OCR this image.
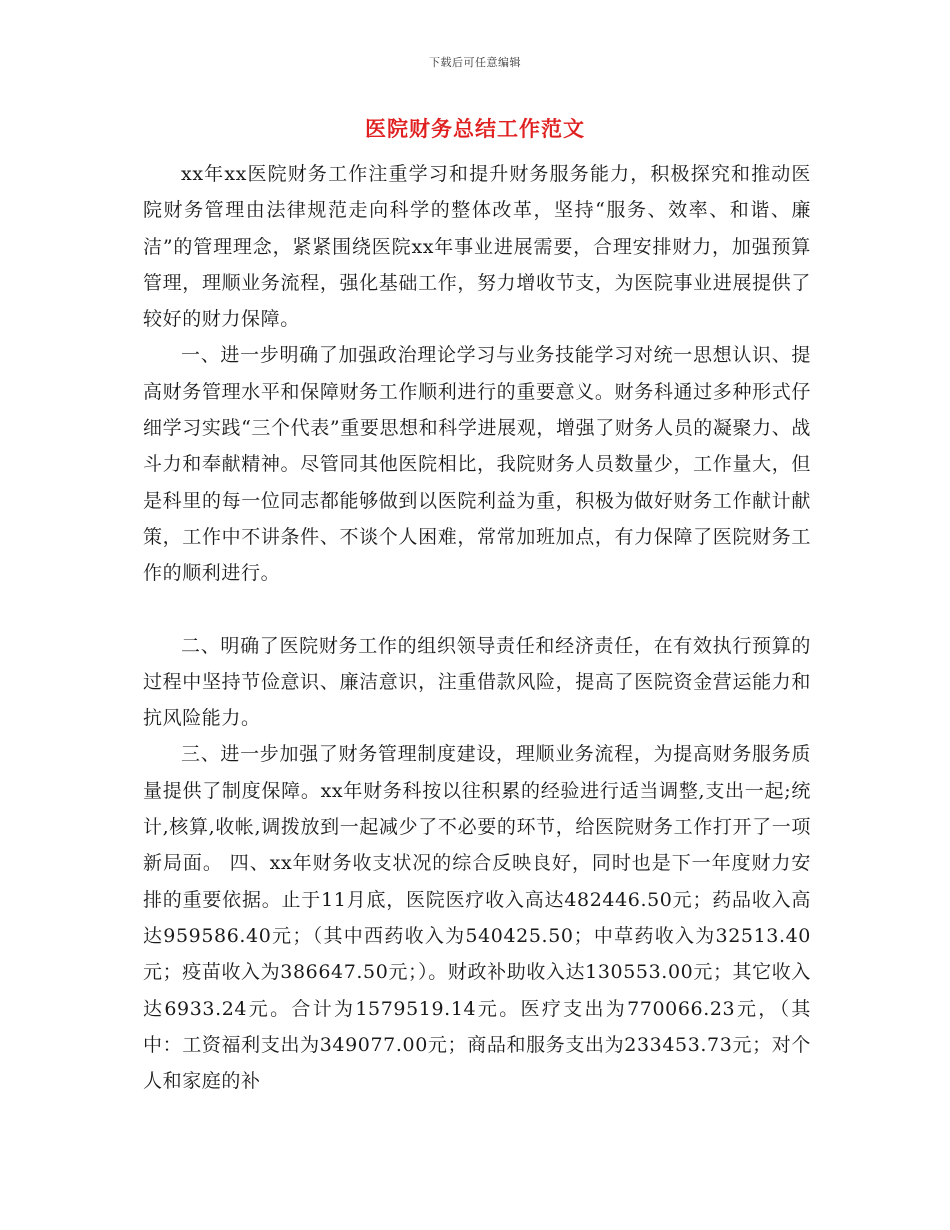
下载后可任意编辑
医院财务总结工作范文

xx年xx医院财务工作注重学习和提升财务服务能力，积极探究和推动医院财务管理由法律规范走向科学的整体改革，坚持“服务、效率、和谐、廉洁”的管理理念，紧紧围绕医院xx年事业进展需要，合理安排财力，加强预算管理，理顺业务流程，强化基础工作，努力增收节支，为医院事业进展提供了较好的财力保障。

一、进一步明确了加强政治理论学习与业务技能学习对统一思想认识、提高财务管理水平和保障财务工作顺利进行的重要意义。财务科通过多种形式仔细学习实践“三个代表”重要思想和科学进展观，增强了财务人员的凝聚力、战斗力和奉献精神。尽管同其他医院相比，我院财务人员数量少，工作量大，但是科里的每一位同志都能够做到以医院利益为重，积极为做好财务工作献计献策，工作中不讲条件、不谈个人困难，常常加班加点，有力保障了医院财务工作的顺利进行。

二、明确了医院财务工作的组织领导责任和经济责任，在有效执行预算的过程中坚持节俭意识、廉洁意识，注重借款风险，提高了医院资金营运能力和抗风险能力。

三、进一步加强了财务管理制度建设，理顺业务流程，为提高财务服务质量提供了制度保障。xx年财务科按以往积累的经验进行适当调整,支出一起;统计,核算,收帐,调拨放到一起减少了不必要的环节，给医院财务工作打开了一项新局面。 四、xx年财务收支状况的综合反映良好，同时也是下一年度财力安排的重要依据。止于11月底，医院医疗收入高达482446.50元；药品收入高达959586.40元；（其中西药收入为540425.50；中草药收入为32513.40元；疫苗收入为386647.50元；）。财政补助收入达130553.00元；其它收入达6933.24元。合计为1579519.14元。医疗支出为770066.23元，（其中：工资福利支出为349077.00元；商品和服务支出为233453.73元；对个人和家庭的补
